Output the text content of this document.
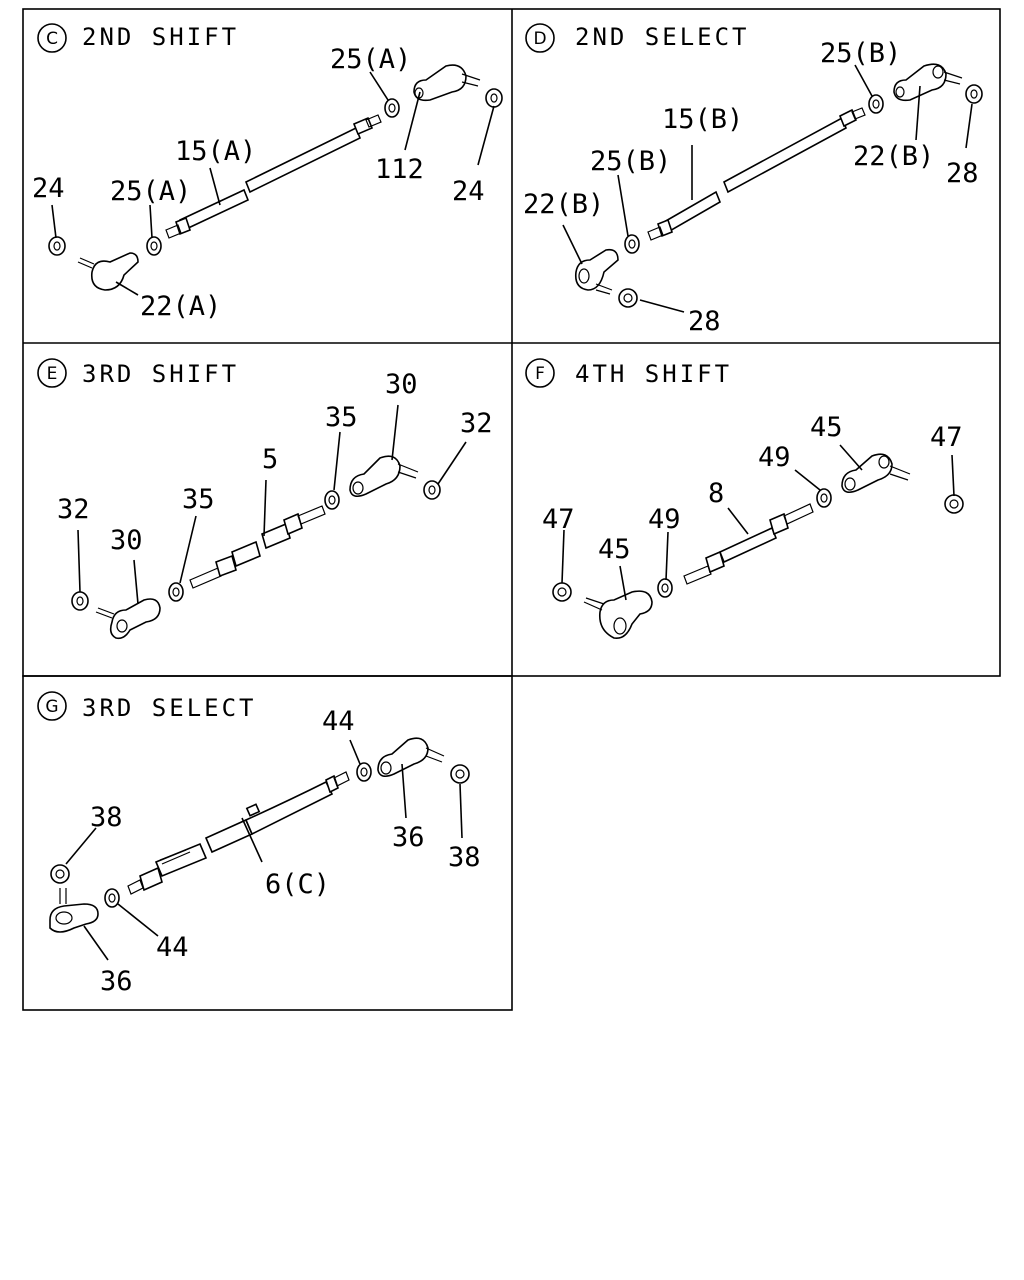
C 2ND SHIFT
25(A)
112
24
15(A)
25(A)
24
22(A)
D 2ND SELECT
25(B)
15(B)
22(B)
28
25(B)
22(B)
28
E 3RD SHIFT	30
35	32
5
35
32
30
F 4TH SHIFT
45	47
49
8
49
47
45
G 3RD SELECT 44
36
38
38
6(C)
44
36
